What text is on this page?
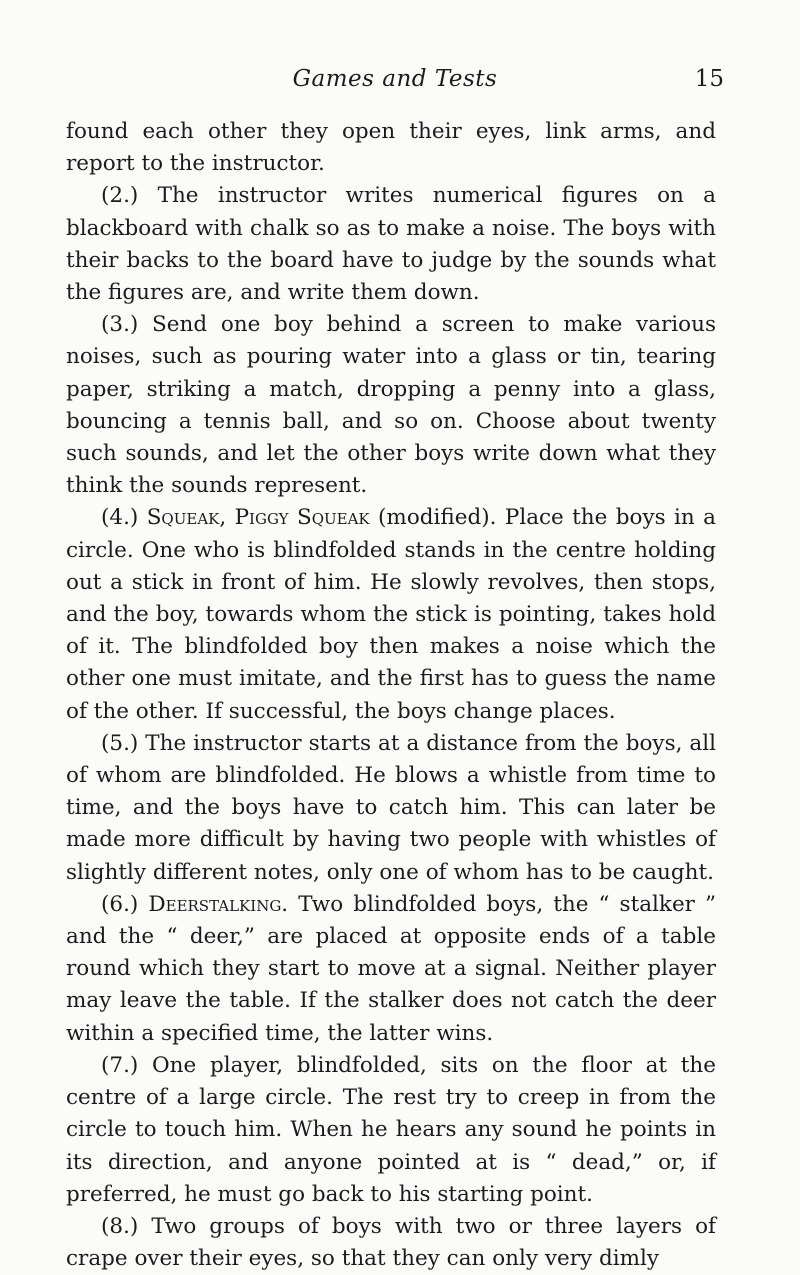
Games and Tests	15

found each other they open their eyes, link arms, and report to the instructor.

(2.) The instructor writes numerical figures on a blackboard with chalk so as to make a noise. The boys with their backs to the board have to judge by the sounds what the figures are, and write them down.

(3.) Send one boy behind a screen to make various noises, such as pouring water into a glass or tin, tearing paper, striking a match, dropping a penny into a glass, bouncing a tennis ball, and so on. Choose about twenty such sounds, and let the other boys write down what they think the sounds represent.

(4.) Squeak, Piggy Squeak (modified). Place the boys in a circle. One who is blindfolded stands in the centre holding out a stick in front of him. He slowly revolves, then stops, and the boy, towards whom the stick is pointing, takes hold of it. The blindfolded boy then makes a noise which the other one must imitate, and the first has to guess the name of the other. If successful, the boys change places.

(5.) The instructor starts at a distance from the boys, all of whom are blindfolded. He blows a whistle from time to time, and the boys have to catch him. This can later be made more difficult by having two people with whistles of slightly different notes, only one of whom has to be caught.

(6.) Deerstalking. Two blindfolded boys, the “ stalker ” and the “ deer,” are placed at opposite ends of a table round which they start to move at a signal. Neither player may leave the table. If the stalker does not catch the deer within a specified time, the latter wins.

(7.) One player, blindfolded, sits on the floor at the centre of a large circle. The rest try to creep in from the circle to touch him. When he hears any sound he points in its direction, and anyone pointed at is “ dead,” or, if preferred, he must go back to his starting point.

(8.) Two groups of boys with two or three layers of crape over their eyes, so that they can only very dimly
